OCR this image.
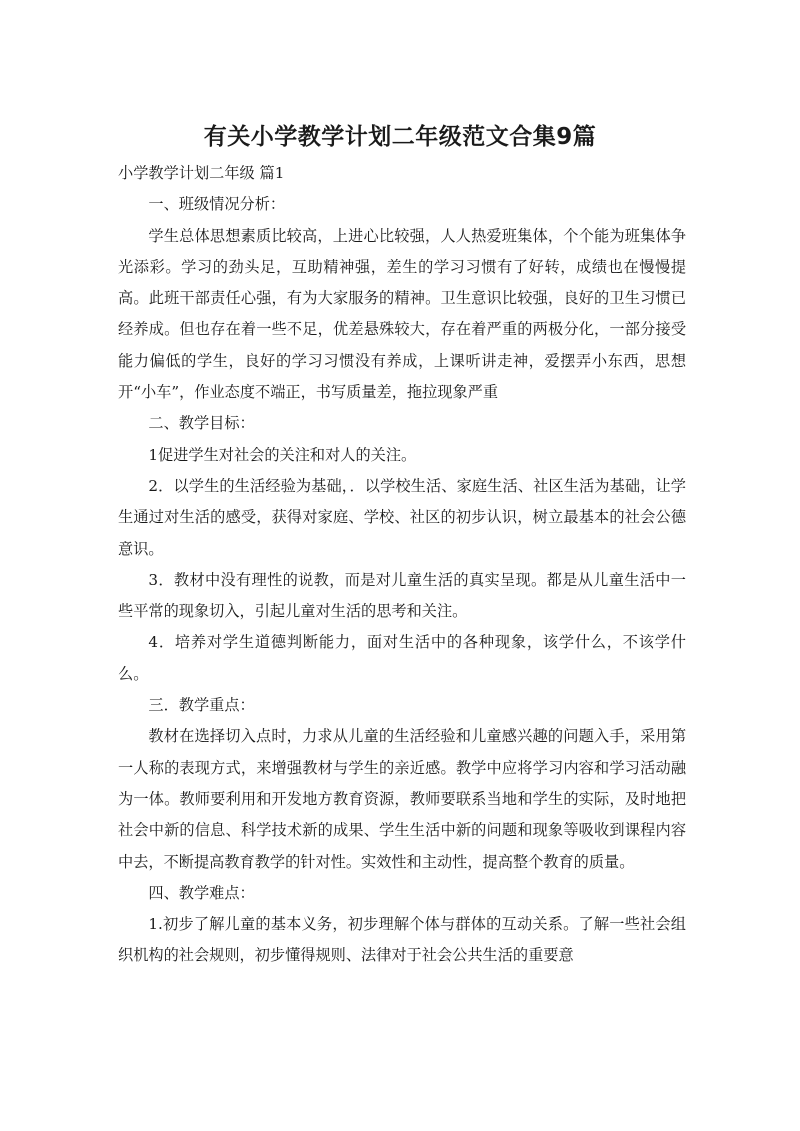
有关小学教学计划二年级范文合集9篇

小学教学计划二年级 篇1

一、班级情况分析：

学生总体思想素质比较高，上进心比较强，人人热爱班集体，个个能为班集体争光添彩。学习的劲头足，互助精神强，差生的学习习惯有了好转，成绩也在慢慢提高。此班干部责任心强，有为大家服务的精神。卫生意识比较强，良好的卫生习惯已经养成。但也存在着一些不足，优差悬殊较大，存在着严重的两极分化，一部分接受能力偏低的学生，良好的学习习惯没有养成，上课听讲走神，爱摆弄小东西，思想开“小车”，作业态度不端正，书写质量差，拖拉现象严重

二、教学目标：

1促进学生对社会的关注和对人的关注。

2．以学生的生活经验为基础，．以学校生活、家庭生活、社区生活为基础，让学生通过对生活的感受，获得对家庭、学校、社区的初步认识，树立最基本的社会公德意识。

3．教材中没有理性的说教，而是对儿童生活的真实呈现。都是从儿童生活中一些平常的现象切入，引起儿童对生活的思考和关注。

4．培养对学生道德判断能力，面对生活中的各种现象，该学什么，不该学什么。

三．教学重点：

教材在选择切入点时，力求从儿童的生活经验和儿童感兴趣的问题入手，采用第一人称的表现方式，来增强教材与学生的亲近感。教学中应将学习内容和学习活动融为一体。教师要利用和开发地方教育资源，教师要联系当地和学生的实际，及时地把社会中新的信息、科学技术新的成果、学生生活中新的问题和现象等吸收到课程内容中去，不断提高教育教学的针对性。实效性和主动性，提高整个教育的质量。

四、教学难点：

1.初步了解儿童的基本义务，初步理解个体与群体的互动关系。了解一些社会组织机构的社会规则，初步懂得规则、法律对于社会公共生活的重要意
